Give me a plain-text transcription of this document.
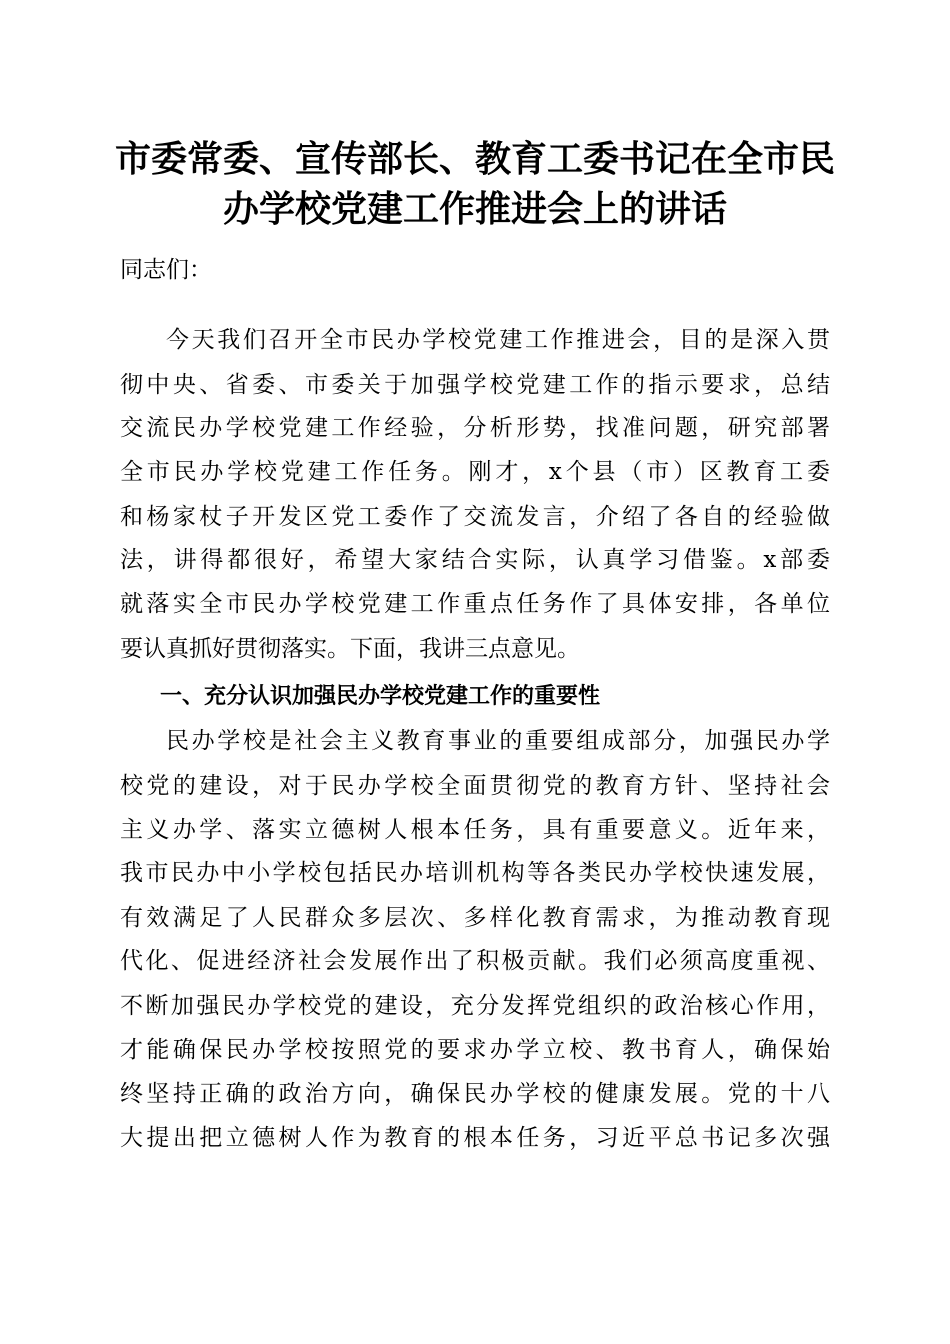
市委常委、宣传部长、教育工委书记在全市民
办学校党建工作推进会上的讲话

同志们：

今天我们召开全市民办学校党建工作推进会，目的是深入贯

彻中央、省委、市委关于加强学校党建工作的指示要求，总结

交流民办学校党建工作经验，分析形势，找准问题，研究部署

全市民办学校党建工作任务。刚才，x个县（市）区教育工委

和杨家杖子开发区党工委作了交流发言，介绍了各自的经验做

法，讲得都很好，希望大家结合实际，认真学习借鉴。x部委

就落实全市民办学校党建工作重点任务作了具体安排，各单位

要认真抓好贯彻落实。下面，我讲三点意见。

一、充分认识加强民办学校党建工作的重要性

民办学校是社会主义教育事业的重要组成部分，加强民办学

校党的建设，对于民办学校全面贯彻党的教育方针、坚持社会

主义办学、落实立德树人根本任务，具有重要意义。近年来，

我市民办中小学校包括民办培训机构等各类民办学校快速发展，

有效满足了人民群众多层次、多样化教育需求，为推动教育现

代化、促进经济社会发展作出了积极贡献。我们必须高度重视、

不断加强民办学校党的建设，充分发挥党组织的政治核心作用，

才能确保民办学校按照党的要求办学立校、教书育人，确保始

终坚持正确的政治方向，确保民办学校的健康发展。党的十八

大提出把立德树人作为教育的根本任务，习近平总书记多次强
